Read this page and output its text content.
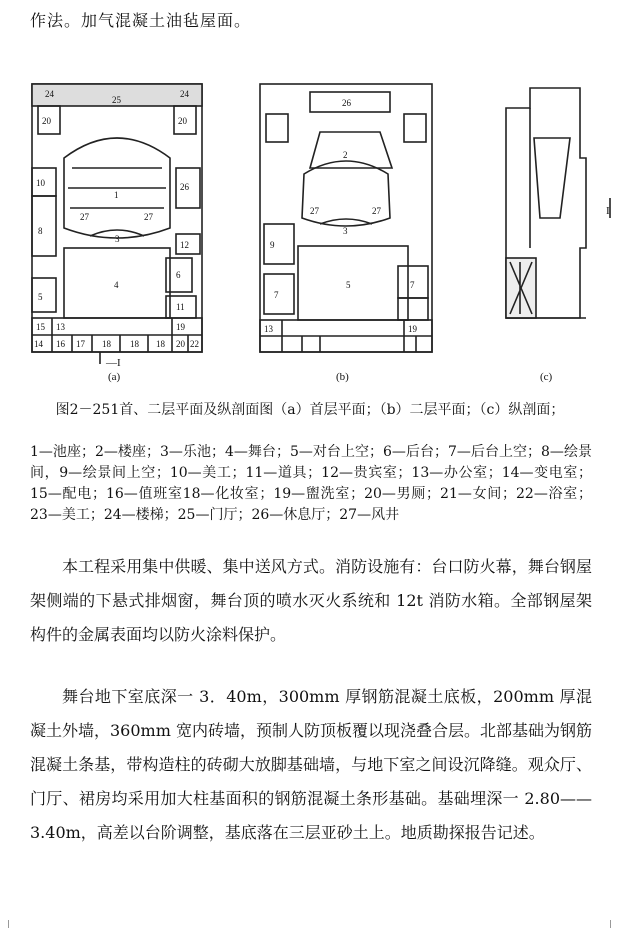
作法。加气混凝土油毡屋面。
24
25
24
20	20
10	26
1
27	27
8
12
3
4
5
6
11
15 13	19
14 16 17 18 18 18 20 22
26
2
27	27
9
3
5	7
7
13	19
(a)	(b)	(c)
—I
I
图2－251首、二层平面及纵剖面图（a）首层平面；（b）二层平面；（c）纵剖面；
1—池座；2—楼座；3—乐池；4—舞台；5—对台上空；6—后台；7—后台上空；8—绘景间，9—绘景间上空；10—美工；11—道具；12—贵宾室；13—办公室；14—变电室；15—配电；16—值班室18—化妆室；19—盥洗室；20—男厕；21—女间；22—浴室；23—美工；24—楼梯；25—门厅；26—休息厅；27—风井
本工程采用集中供暖、集中送风方式。消防设施有：台口防火幕，舞台钢屋架侧端的下悬式排烟窗，舞台顶的喷水灭火系统和 12t 消防水箱。全部钢屋架构件的金属表面均以防火涂料保护。
舞台地下室底深一 3．40m，300mm 厚钢筋混凝土底板，200mm 厚混凝土外墙，360mm 宽内砖墙，预制人防顶板覆以现浇叠合层。北部基础为钢筋混凝土条基，带构造柱的砖砌大放脚基础墙，与地下室之间设沉降缝。观众厅、门厅、裙房均采用加大柱基面积的钢筋混凝土条形基础。基础埋深一 2.80—— 3.40m，高差以台阶调整，基底落在三层亚砂土上。地质勘探报告记述。
